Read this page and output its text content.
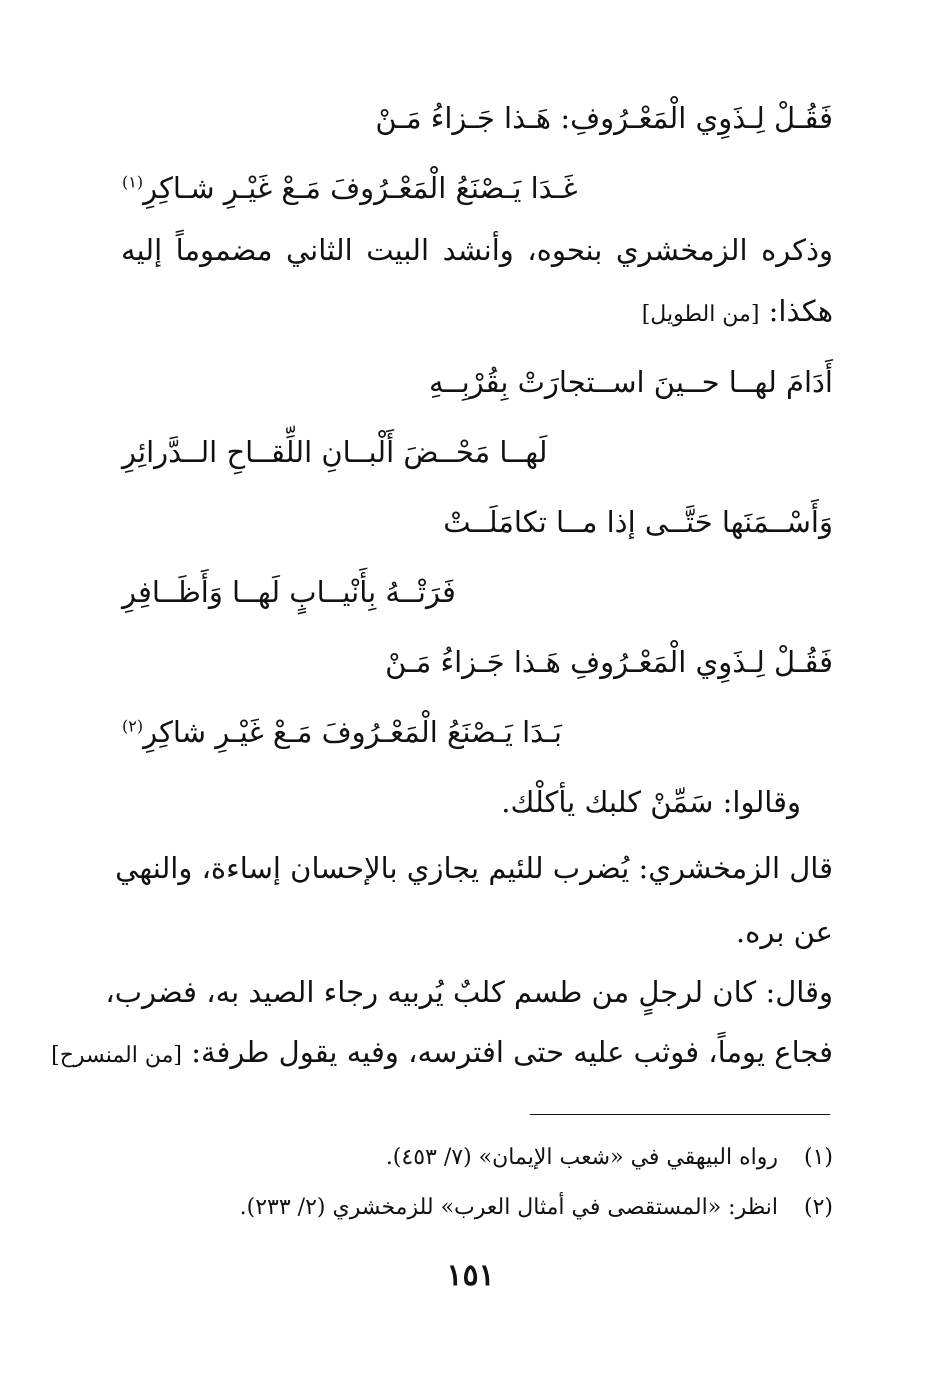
فَقُـلْ لِـذَوِي الْمَعْـرُوفِ: هَـذا جَـزاءُ مَـنْ
غَـدَا يَـصْنَعُ الْمَعْـرُوفَ مَـعْ غَيْـرِ شـاكِرِ$^{(١)}$
وذكره الزمخشري بنحوه، وأنشد البيت الثاني مضموماً إليه
هكذا: [من الطويل]
أَدَامَ لهــا حــينَ اســتجارَتْ بِقُرْبِــهِ
لَهــا مَحْــضَ أَلْبــانِ اللِّقــاحِ الــدَّرائِرِ
وَأَسْــمَنَها حَتَّــى إذا مــا تكامَلَــتْ
فَرَتْــهُ بِأَنْيــابٍ لَهــا وَأَظَــافِرِ
فَقُـلْ لِـذَوِي الْمَعْـرُوفِ هَـذا جَـزاءُ مَـنْ
بَـدَا يَـصْنَعُ الْمَعْـرُوفَ مَـعْ غَيْـرِ شاكِرِ$^{(٢)}$
وقالوا: سَمِّنْ كلبك يأكلْك.
قال الزمخشري: يُضرب للئيم يجازي بالإحسان إساءة، والنهي
عن بره.
وقال: كان لرجلٍ من طسم كلبٌ يُربيه رجاء الصيد به، فضرب،
فجاع يوماً، فوثب عليه حتى افترسه، وفيه يقول طرفة: [من المنسرح]
(١) رواه البيهقي في «شعب الإيمان» (٧/ ٤٥٣).
(٢) انظر: «المستقصى في أمثال العرب» للزمخشري (٢/ ٢٣٣).
١٥١
